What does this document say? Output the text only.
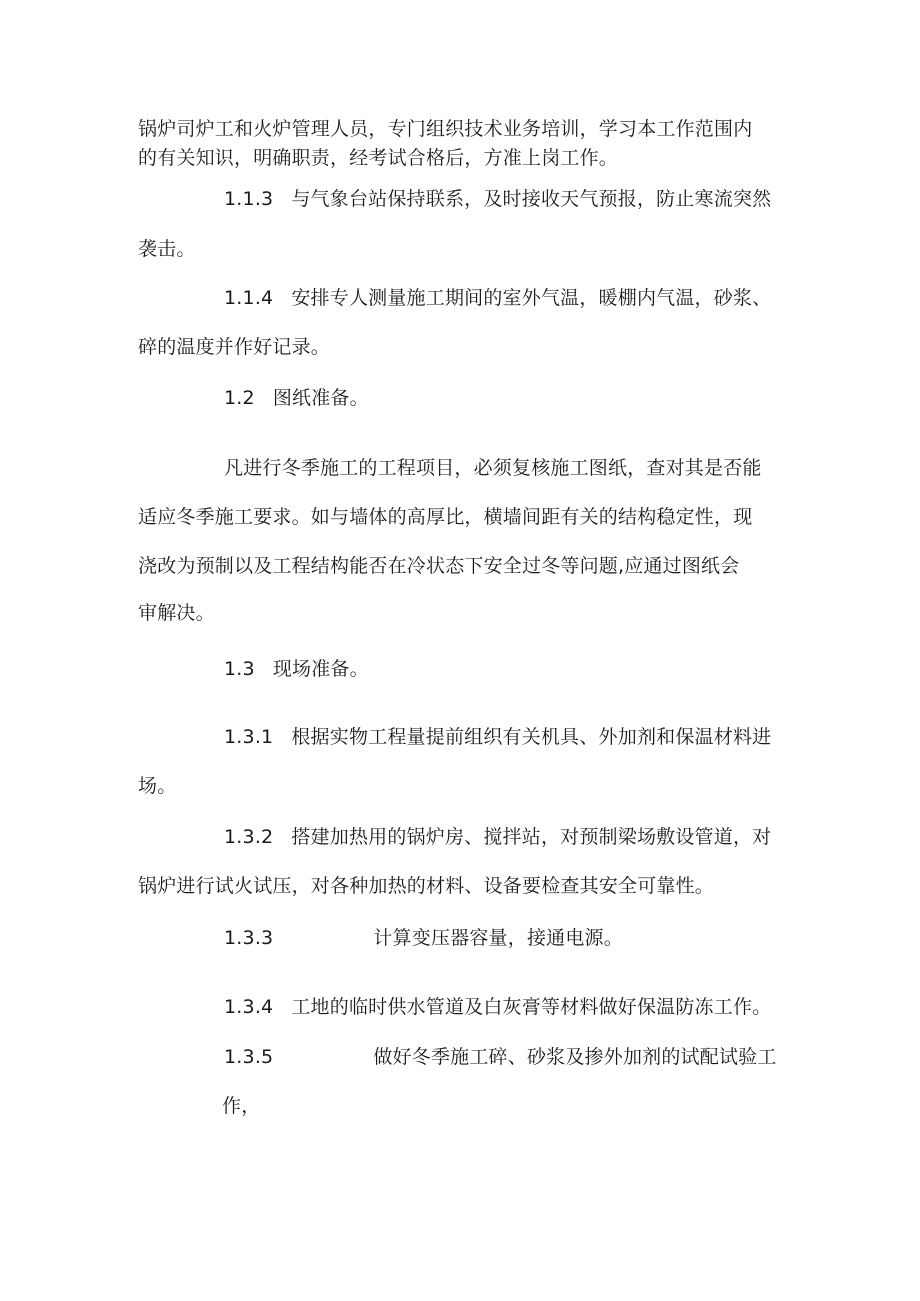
锅炉司炉工和火炉管理人员，专门组织技术业务培训，学习本工作范围内
的有关知识，明确职责，经考试合格后，方准上岗工作。
1.1.3 与气象台站保持联系，及时接收天气预报，防止寒流突然
袭击。
1.1.4 安排专人测量施工期间的室外气温，暖棚内气温，砂浆、
碎的温度并作好记录。
1.2 图纸准备。
凡进行冬季施工的工程项目，必须复核施工图纸，查对其是否能
适应冬季施工要求。如与墙体的高厚比，横墙间距有关的结构稳定性，现
浇改为预制以及工程结构能否在冷状态下安全过冬等问题,应通过图纸会
审解决。
1.3 现场准备。
1.3.1 根据实物工程量提前组织有关机具、外加剂和保温材料进
场。
1.3.2 搭建加热用的锅炉房、搅拌站，对预制梁场敷设管道，对
锅炉进行试火试压，对各种加热的材料、设备要检查其安全可靠性。
1.3.3	计算变压器容量，接通电源。
1.3.4 工地的临时供水管道及白灰膏等材料做好保温防冻工作。
1.3.5	做好冬季施工碎、砂浆及掺外加剂的试配试验工
作，
